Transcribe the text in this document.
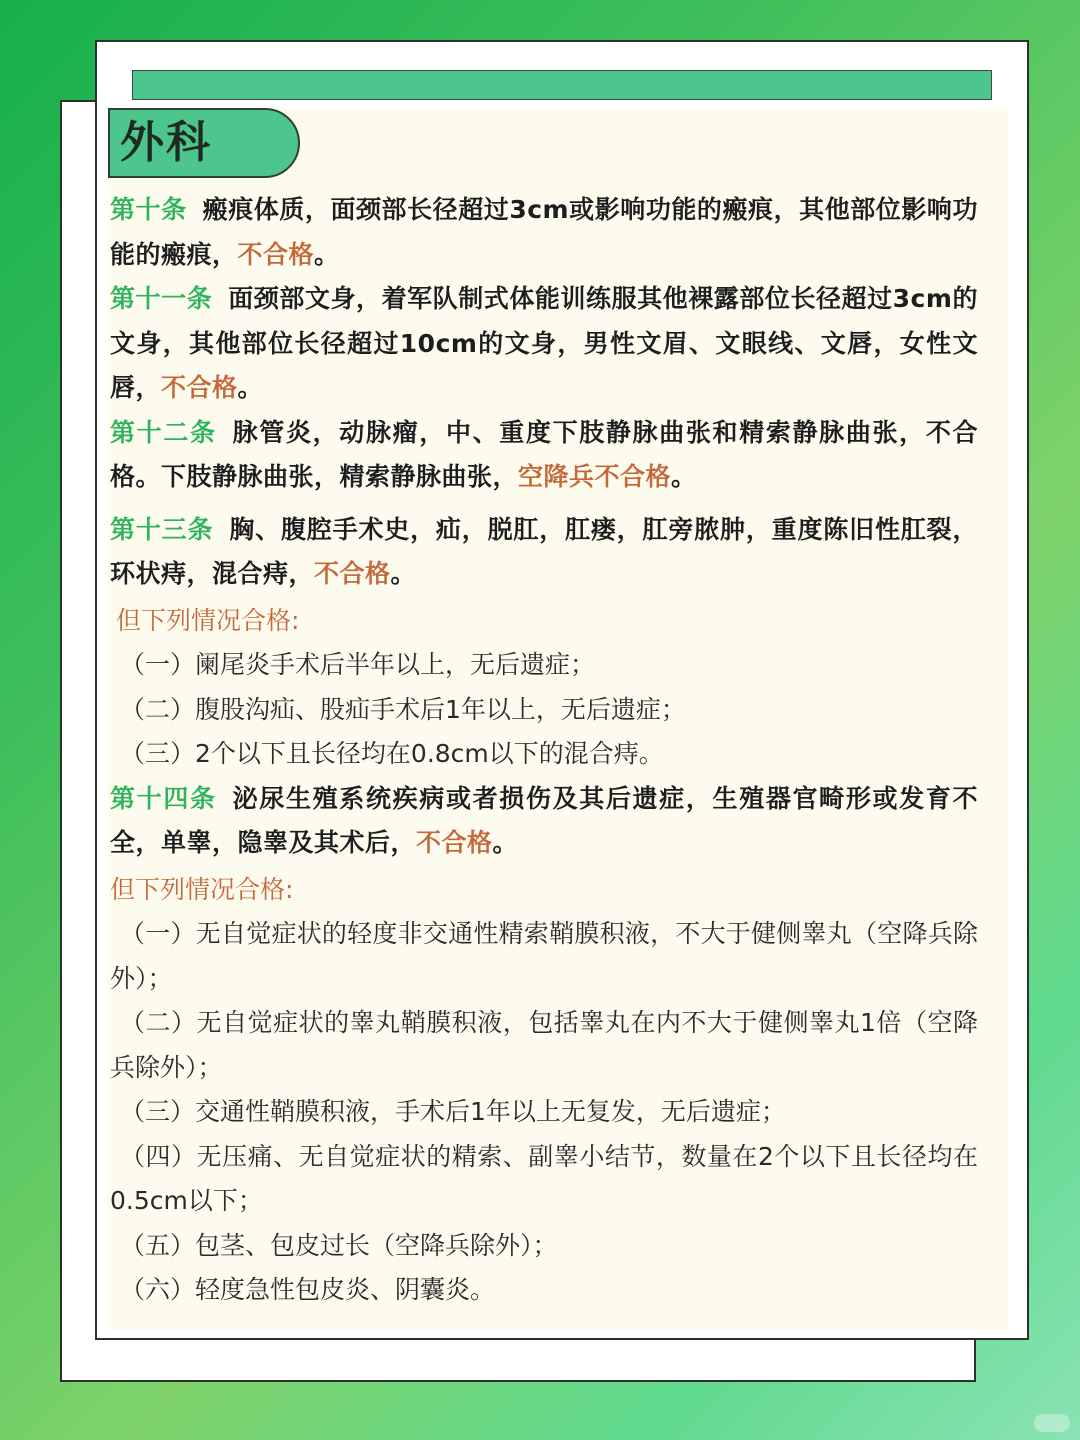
外科

第十条 瘢痕体质，面颈部长径超过3cm或影响功能的瘢痕，其他部位影响功能的瘢痕，不合格。

第十一条 面颈部文身，着军队制式体能训练服其他裸露部位长径超过3cm的文身，其他部位长径超过10cm的文身，男性文眉、文眼线、文唇，女性文唇，不合格。

第十二条 脉管炎，动脉瘤，中、重度下肢静脉曲张和精索静脉曲张，不合格。下肢静脉曲张，精索静脉曲张，空降兵不合格。

第十三条 胸、腹腔手术史，疝，脱肛，肛瘘，肛旁脓肿，重度陈旧性肛裂，环状痔，混合痔，不合格。

但下列情况合格:

（一）阑尾炎手术后半年以上，无后遗症；

（二）腹股沟疝、股疝手术后1年以上，无后遗症；

（三）2个以下且长径均在0.8cm以下的混合痔。

第十四条 泌尿生殖系统疾病或者损伤及其后遗症，生殖器官畸形或发育不全，单睾，隐睾及其术后，不合格。

但下列情况合格:

（一）无自觉症状的轻度非交通性精索鞘膜积液，不大于健侧睾丸（空降兵除外）；

（二）无自觉症状的睾丸鞘膜积液，包括睾丸在内不大于健侧睾丸1倍（空降兵除外）；

（三）交通性鞘膜积液，手术后1年以上无复发，无后遗症；

（四）无压痛、无自觉症状的精索、副睾小结节，数量在2个以下且长径均在0.5cm以下；

（五）包茎、包皮过长（空降兵除外）；

（六）轻度急性包皮炎、阴囊炎。
